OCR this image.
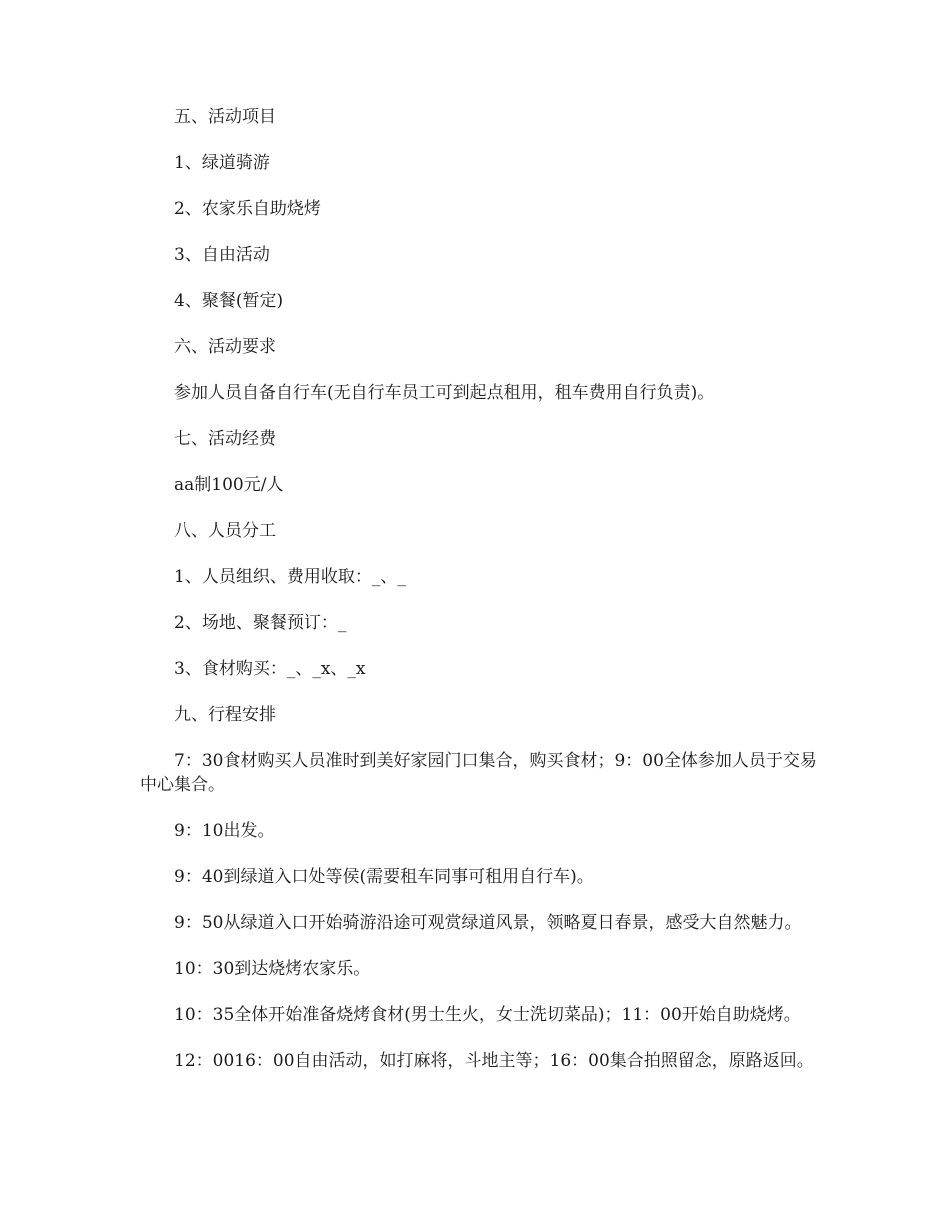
五、活动项目

1、绿道骑游

2、农家乐自助烧烤

3、自由活动

4、聚餐(暂定)

六、活动要求

参加人员自备自行车(无自行车员工可到起点租用，租车费用自行负责)。

七、活动经费

aa制100元/人

八、人员分工

1、人员组织、费用收取：_、_

2、场地、聚餐预订：_

3、食材购买：_、_x、_x

九、行程安排

7：30食材购买人员准时到美好家园门口集合，购买食材；9：00全体参加人员于交易中心集合。

9：10出发。

9：40到绿道入口处等侯(需要租车同事可租用自行车)。

9：50从绿道入口开始骑游沿途可观赏绿道风景，领略夏日春景，感受大自然魅力。

10：30到达烧烤农家乐。

10：35全体开始准备烧烤食材(男士生火，女士洗切菜品)；11：00开始自助烧烤。

12：0016：00自由活动，如打麻将，斗地主等；16：00集合拍照留念，原路返回。
